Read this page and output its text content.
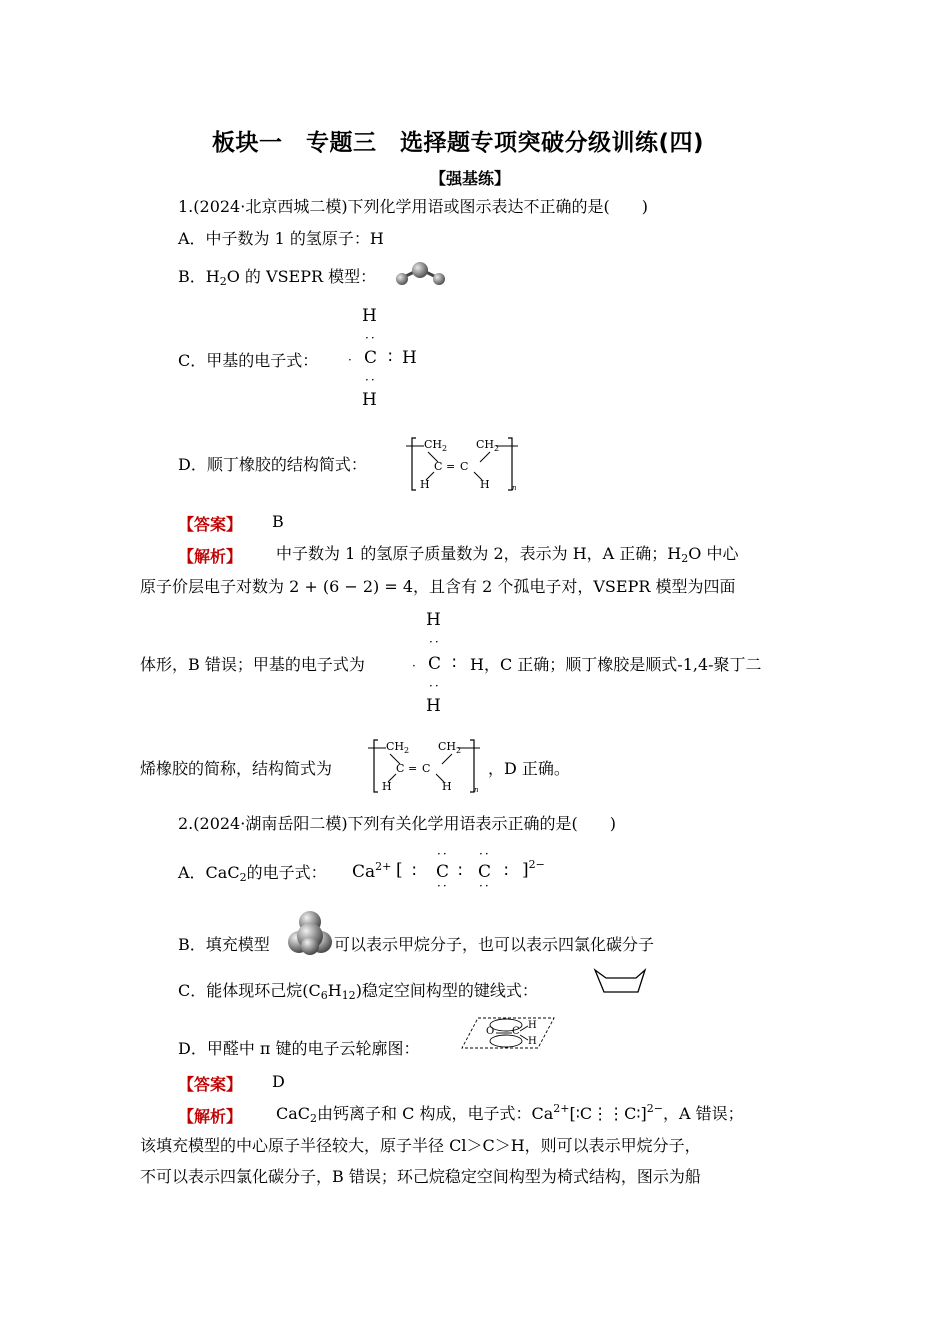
板块一　专题三　选择题专项突破分级训练(四)
【强基练】
1.(2024·北京西城二模)下列化学用语或图示表达不正确的是(　　)
A．中子数为 1 的氢原子：H
B．$H_2O$ 的 VSEPR 模型：
C．甲基的电子式：
H
··
· C ∶ H
··
H
D．顺丁橡胶的结构简式：
$CH_2$	$CH_2$
C = C
H	H	n
【答案】 B
【解析】 中子数为 1 的氢原子质量数为 2，表示为 H，A 正确；$H_2O$ 中心
原子价层电子对数为 2 + (6 − 2) = 4，且含有 2 个孤电子对，VSEPR 模型为四面
体形，B 错误；甲基的电子式为
H
··
· C ∶
··
H
H，C 正确；顺丁橡胶是顺式-1,4-聚丁二
烯橡胶的简称，结构简式为
$CH_2$	$CH_2$
C = C
H	H	n
，D 正确。
2.(2024·湖南岳阳二模)下列有关化学用语表示正确的是(　　)
A．CaC$_2$的电子式： $Ca^{2+}$ [ ∶
··
C
··
∶
··
C
··
∶ ]$^{2-}$
B．填充模型	可以表示甲烷分子，也可以表示四氯化碳分子
C．能体现环己烷$(C_6H_{12})$稳定空间构型的键线式：
D．甲醛中 π 键的电子云轮廓图：
O C
H
H
【答案】 D
【解析】 CaC$_2$由钙离子和 C 构成，电子式：$Ca^{2+}[∶C⋮⋮C∶]^{2-}$，A 错误；
该填充模型的中心原子半径较大，原子半径 Cl＞C＞H，则可以表示甲烷分子，
不可以表示四氯化碳分子，B 错误；环己烷稳定空间构型为椅式结构，图示为船
